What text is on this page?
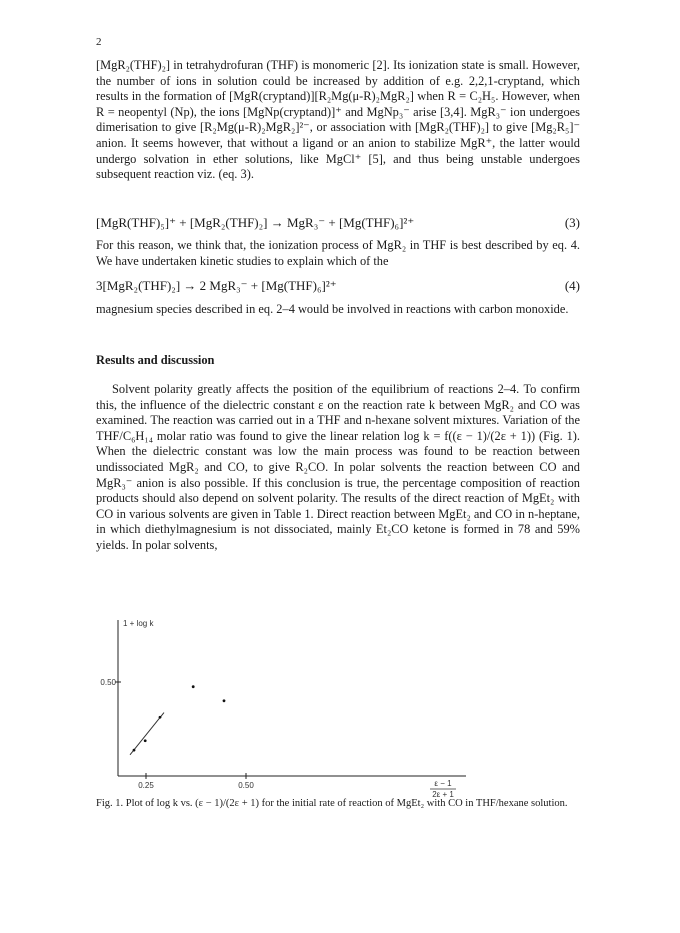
2

[MgR₂(THF)₂] in tetrahydrofuran (THF) is monomeric [2]. Its ionization state is small. However, the number of ions in solution could be increased by addition of e.g. 2,2,1-cryptand, which results in the formation of [MgR(cryptand)][R₂Mg(μ-R)₂MgR₂] when R = C₂H₅. However, when R = neopentyl (Np), the ions [MgNp(cryptand)]⁺ and MgNp₃⁻ arise [3,4]. MgR₃⁻ ion undergoes dimerisation to give [R₂Mg(μ-R)₂MgR₂]²⁻, or association with [MgR₂(THF)₂] to give [Mg₂R₅]⁻ anion. It seems however, that without a ligand or an anion to stabilize MgR⁺, the latter would undergo solvation in ether solutions, like MgCl⁺ [5], and thus being unstable undergoes subsequent reaction viz. (eq. 3).

[MgR(THF)₅]⁺ + [MgR₂(THF)₂] → MgR₃⁻ + [Mg(THF)₆]²⁺	(3)

For this reason, we think that, the ionization process of MgR₂ in THF is best described by eq. 4. We have undertaken kinetic studies to explain which of the

3[MgR₂(THF)₂] → 2 MgR₃⁻ + [Mg(THF)₆]²⁺	(4)

magnesium species described in eq. 2–4 would be involved in reactions with carbon monoxide.

Results and discussion

Solvent polarity greatly affects the position of the equilibrium of reactions 2–4. To confirm this, the influence of the dielectric constant ε on the reaction rate k between MgR₂ and CO was examined. The reaction was carried out in a THF and n-hexane solvent mixtures. Variation of the THF/C₆H₁₄ molar ratio was found to give the linear relation log k = f((ε − 1)/(2ε + 1)) (Fig. 1). When the dielectric constant was low the main process was found to be reaction between undissociated MgR₂ and CO, to give R₂CO. In polar solvents the reaction between CO and MgR₃⁻ anion is also possible. If this conclusion is true, the percentage composition of reaction products should also depend on solvent polarity. The results of the direct reaction of MgEt₂ with CO in various solvents are given in Table 1. Direct reaction between MgEt₂ and CO in n-heptane, in which diethylmagnesium is not dissociated, mainly Et₂CO ketone is formed in 78 and 59% yields. In polar solvents,

1 + log k
0.50
0.25	0.50	ε − 1
2ε + 1
Fig. 1. Plot of log k vs. (ε − 1)/(2ε + 1) for the initial rate of reaction of MgEt₂ with CO in THF/hexane solution.
